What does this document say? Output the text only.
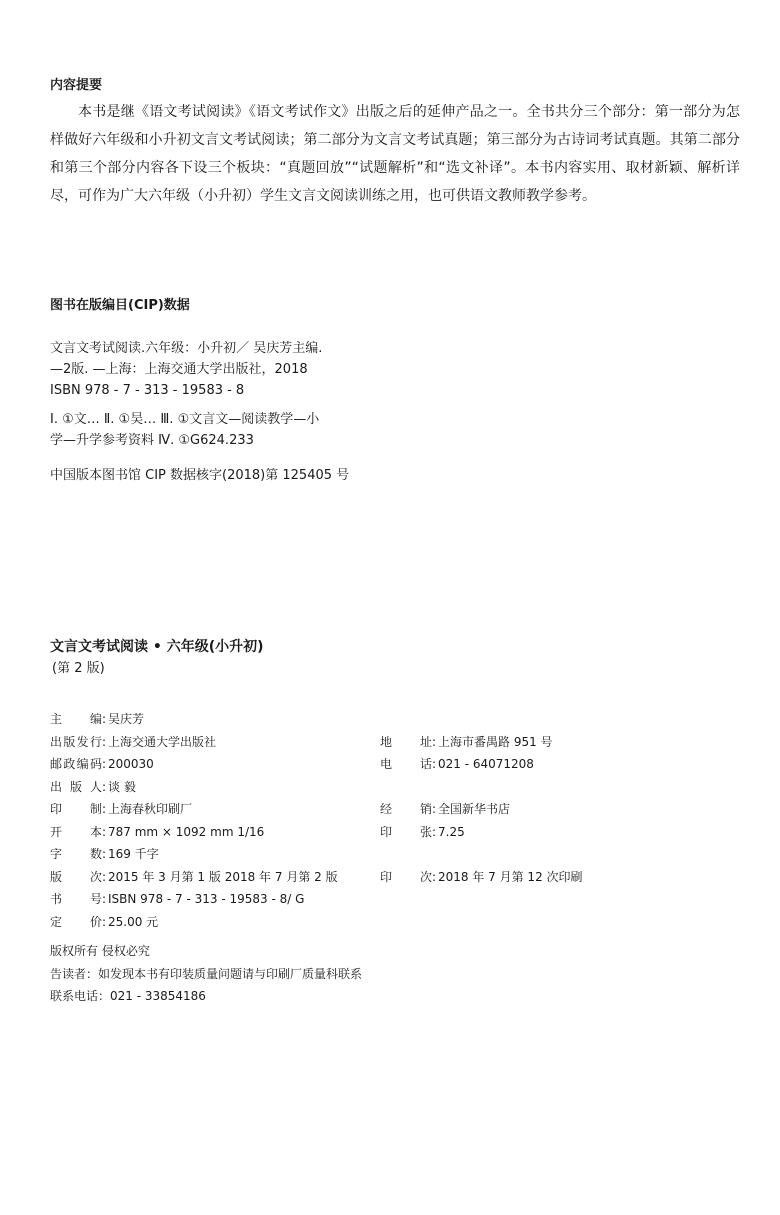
内容提要

本书是继《语文考试阅读》《语文考试作文》出版之后的延伸产品之一。全书共分三个部分：第一部分为怎样做好六年级和小升初文言文考试阅读；第二部分为文言文考试真题；第三部分为古诗词考试真题。其第二部分和第三个部分内容各下设三个板块：“真题回放”“试题解析”和“选文补译”。本书内容实用、取材新颖、解析详尽，可作为广大六年级（小升初）学生文言文阅读训练之用，也可供语文教师教学参考。

图书在版编目(CIP)数据
文言文考试阅读.六年级：小升初／ 吴庆芳主编.
—2版. —上海：上海交通大学出版社，2018
ISBN 978 - 7 - 313 - 19583 - 8
Ⅰ. ①文… Ⅱ. ①吴… Ⅲ. ①文言文—阅读教学—小
学—升学参考资料 Ⅳ. ①G624.233
中国版本图书馆 CIP 数据核字(2018)第 125405 号
文言文考试阅读 • 六年级(小升初)

(第 2 版)

主编 : 吴庆芳
出版发行 : 上海交通大学出版社	地址 : 上海市番禺路 951 号
邮政编码 : 200030	电话 : 021 - 64071208
出版人 : 谈 毅
印制 : 上海春秋印刷厂	经销 : 全国新华书店
开本 : 787 mm × 1092 mm 1/16	印张 : 7.25
字数 : 169 千字
版次 : 2015 年 3 月第 1 版 2018 年 7 月第 2 版	印次 : 2018 年 7 月第 12 次印刷
书号 : ISBN 978 - 7 - 313 - 19583 - 8/ G
定价 : 25.00 元
版权所有 侵权必究
告读者：如发现本书有印装质量问题请与印刷厂质量科联系
联系电话：021 - 33854186
